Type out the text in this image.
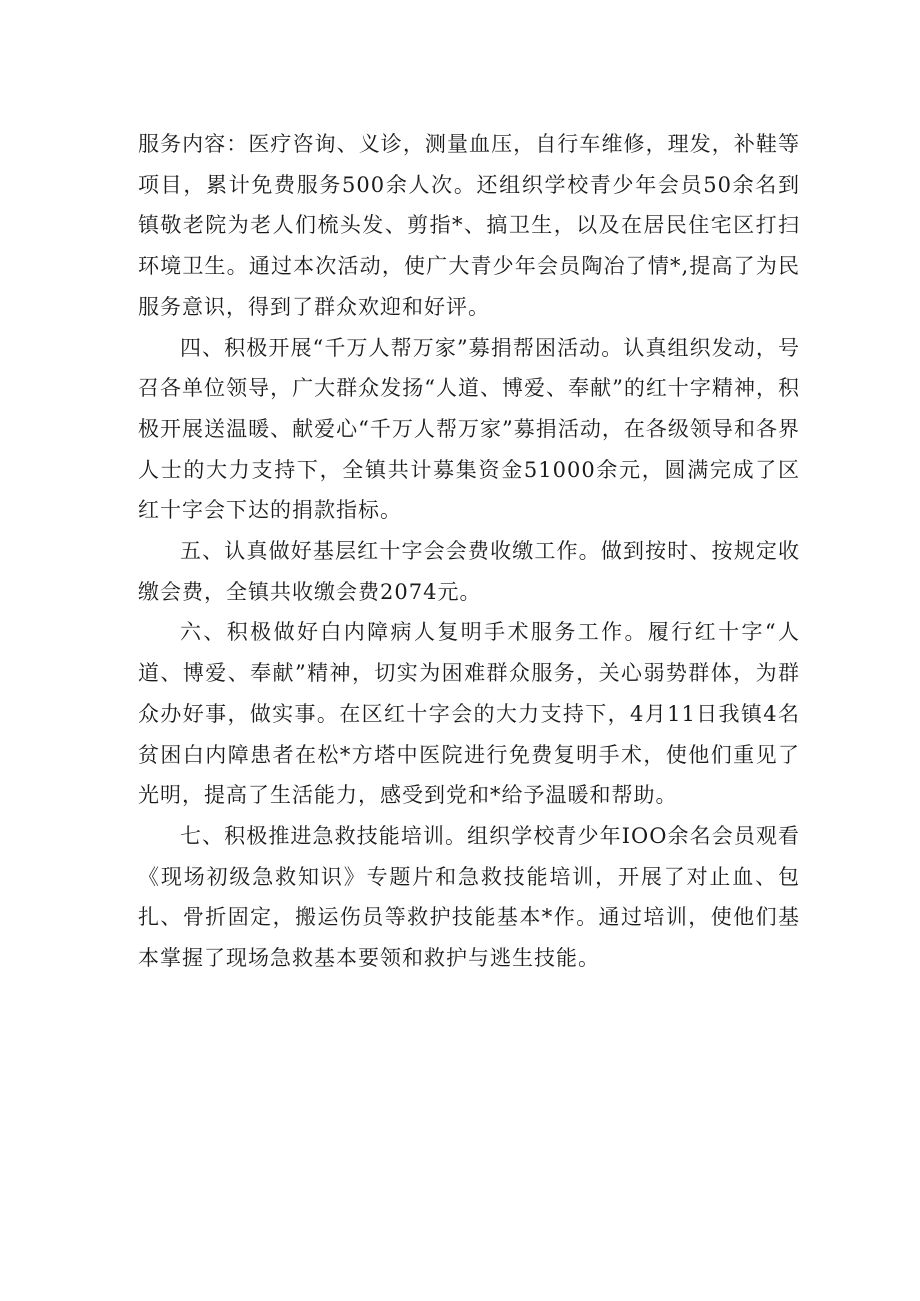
服务内容：医疗咨询、义诊，测量血压，自行车维修，理发，补鞋等项目，累计免费服务500余人次。还组织学校青少年会员50余名到镇敬老院为老人们梳头发、剪指*、搞卫生，以及在居民住宅区打扫环境卫生。通过本次活动，使广大青少年会员陶冶了情*,提高了为民服务意识，得到了群众欢迎和好评。

四、积极开展“千万人帮万家”募捐帮困活动。认真组织发动，号召各单位领导，广大群众发扬“人道、博爱、奉献”的红十字精神，积极开展送温暖、献爱心“千万人帮万家”募捐活动，在各级领导和各界人士的大力支持下，全镇共计募集资金51000余元，圆满完成了区红十字会下达的捐款指标。

五、认真做好基层红十字会会费收缴工作。做到按时、按规定收缴会费，全镇共收缴会费2074元。

六、积极做好白内障病人复明手术服务工作。履行红十字“人道、博爱、奉献”精神，切实为困难群众服务，关心弱势群体，为群众办好事，做实事。在区红十字会的大力支持下，4月11日我镇4名贫困白内障患者在松*方塔中医院进行免费复明手术，使他们重见了光明，提高了生活能力，感受到党和*给予温暖和帮助。

七、积极推进急救技能培训。组织学校青少年IOO余名会员观看《现场初级急救知识》专题片和急救技能培训，开展了对止血、包扎、骨折固定，搬运伤员等救护技能基本*作。通过培训，使他们基本掌握了现场急救基本要领和救护与逃生技能。
